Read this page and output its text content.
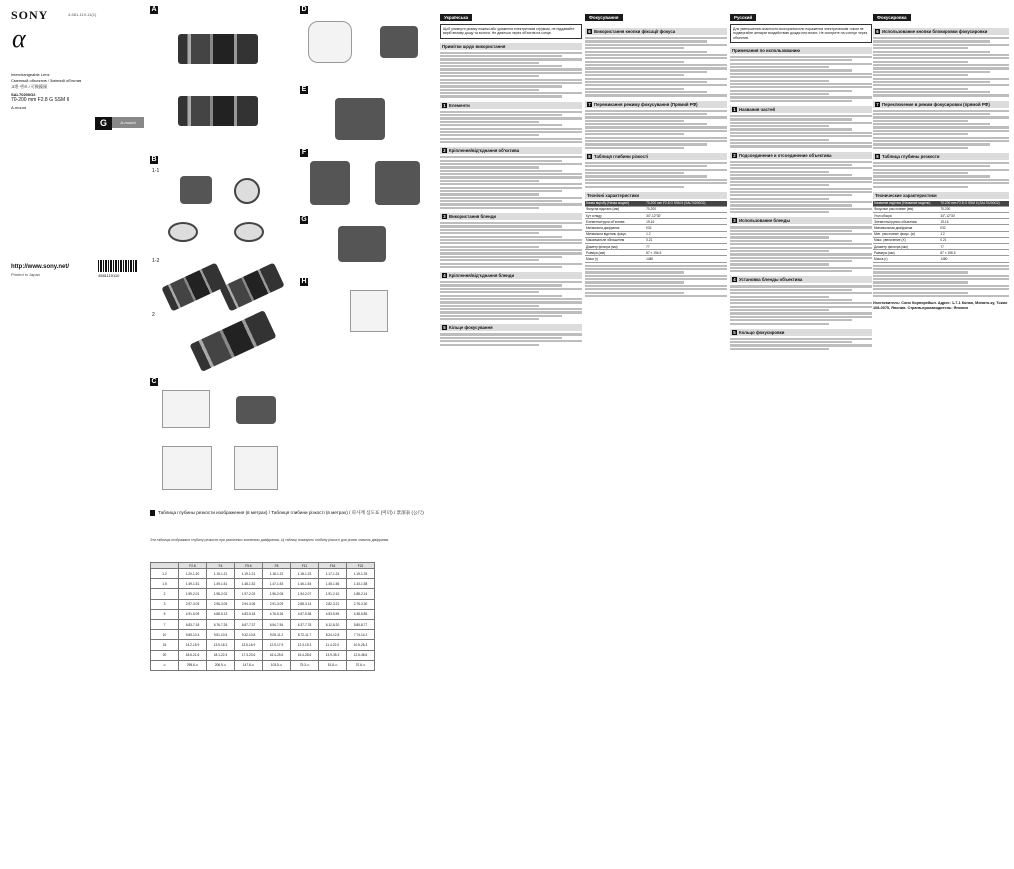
SONY	4-581-119-11(1)
α
Interchangeable Lens
Сменный объектив / Змінний об'єктив
교환 렌즈 / 可換鏡頭
SAL70200G2
70-200 mm F2.8 G SSM II
A-mount
G	A-mount
http://www.sony.net/
Printed in Japan	4581119110
A	D
E
F
G
H
B
1-1
1-2
2
C
Таблица глубины резкости изображения (в метрах) / Таблиця глибини різкості (в метрах) / 피사계 심도표 (미터) / 景深表 (公尺)
Эти таблицы отображают глубину резкости при различных значениях диафрагмы. Ці таблиці показують глибину різкості для різних значень діафрагми.
	F2.8	F4	F5.6	F8	F11	F16	F22
1.2	1.20-1.20	1.19-1.21	1.19-1.21	1.18-1.22	1.18-1.23	1.17-1.24	1.15-1.25
1.5	1.49-1.51	1.49-1.51	1.48-1.52	1.47-1.53	1.46-1.54	1.45-1.56	1.43-1.58
2	1.99-2.01	1.98-2.02	1.97-2.03	1.96-2.05	1.94-2.07	1.91-2.10	1.88-2.14
3	2.97-3.03	2.96-3.05	2.94-3.06	2.91-3.09	2.88-3.14	2.82-3.21	2.76-3.30
5	4.91-5.09	4.88-5.13	4.83-5.18	4.76-5.26	4.67-5.38	4.53-5.59	4.38-5.85
7	6.83-7.18	6.76-7.26	6.67-7.37	6.54-7.54	6.37-7.78	6.12-8.20	5.85-8.77
10	9.65-10.4	9.51-10.5	9.32-10.8	9.05-11.2	8.72-11.7	8.24-12.8	7.74-14.2
15	14.2-15.9	13.9-16.3	13.5-16.9	12.9-17.9	12.3-19.3	11.4-22.0	10.5-26.3
20	18.6-21.6	18.1-22.4	17.3-23.6	16.4-25.6	15.4-28.6	13.9-35.3	12.6-48.6
∞	295.6-∞	206.9-∞	147.8-∞	103.5-∞	75.3-∞	51.8-∞	37.6-∞
Українська
Щоб уникнути ризику пожежі або ураження електричним струмом, не піддавайте виріб впливу дощу та вологи. Не дивіться через об'єктив на сонце.
Примітки щодо використання
1 Елементи
2 Кріплення/від'єднання об'єктива
3 Використання бленди
4 Кріплення/від'єднання бленди
5 Кільце фокусування
Фокусування
6 Використання кнопки фіксації фокуса
7 Перемикання режиму фокусування (Прямий РФ)
8 Таблиця глибини різкості
Технічні характеристики
Назва виробу (Назва моделі)	70-200 mm F2.8 G SSM II (SAL70200G2)
Фокусна відстань (мм)	70-200
Кут огляду	34°-12°30'
Елементи/групи об'єктива	19-16
Мінімальна діафрагма	f/32
Мінімальна відстань фокус.	1.2
Максимальне збільшення	0.21
Діаметр фільтра (мм)	77
Розміри (мм)	87 × 196.5
Маса (г)	1480
Русский
Для уменьшения опасности возгорания или поражения электрическим током не подвергайте аппарат воздействию дождя или влаги. Не смотрите на солнце через объектив.
Примечания по использованию
1 Названия частей
2 Подсоединение и отсоединение объектива
3 Использование бленды
4 Установка бленды объектива
5 Кольцо фокусировки
Фокусировка
6 Использование кнопки блокировки фокусировки
7 Переключение в режим фокусировки (прямой РФ)
8 Таблица глубины резкости
Технические характеристики
Название изделия (Название модели)	70-200 mm F2.8 G SSM II (SAL70200G2)
Фокусное расстояние (мм)	70-200
Угол обзора	34°-12°30'
Элементы/группы объектива	19-16
Минимальная диафрагма	f/32
Мин. расстояние фокус. (м)	1.2
Макс. увеличение (X)	0.21
Диаметр фильтра (мм)	77
Размеры (мм)	87 × 196.5
Масса (г)	1480
Изготовитель: Сони Корпорейшн. Адрес: 1-7-1 Конан, Минато-ку, Токио 108-0075, Япония. Страна-производитель: Япония
